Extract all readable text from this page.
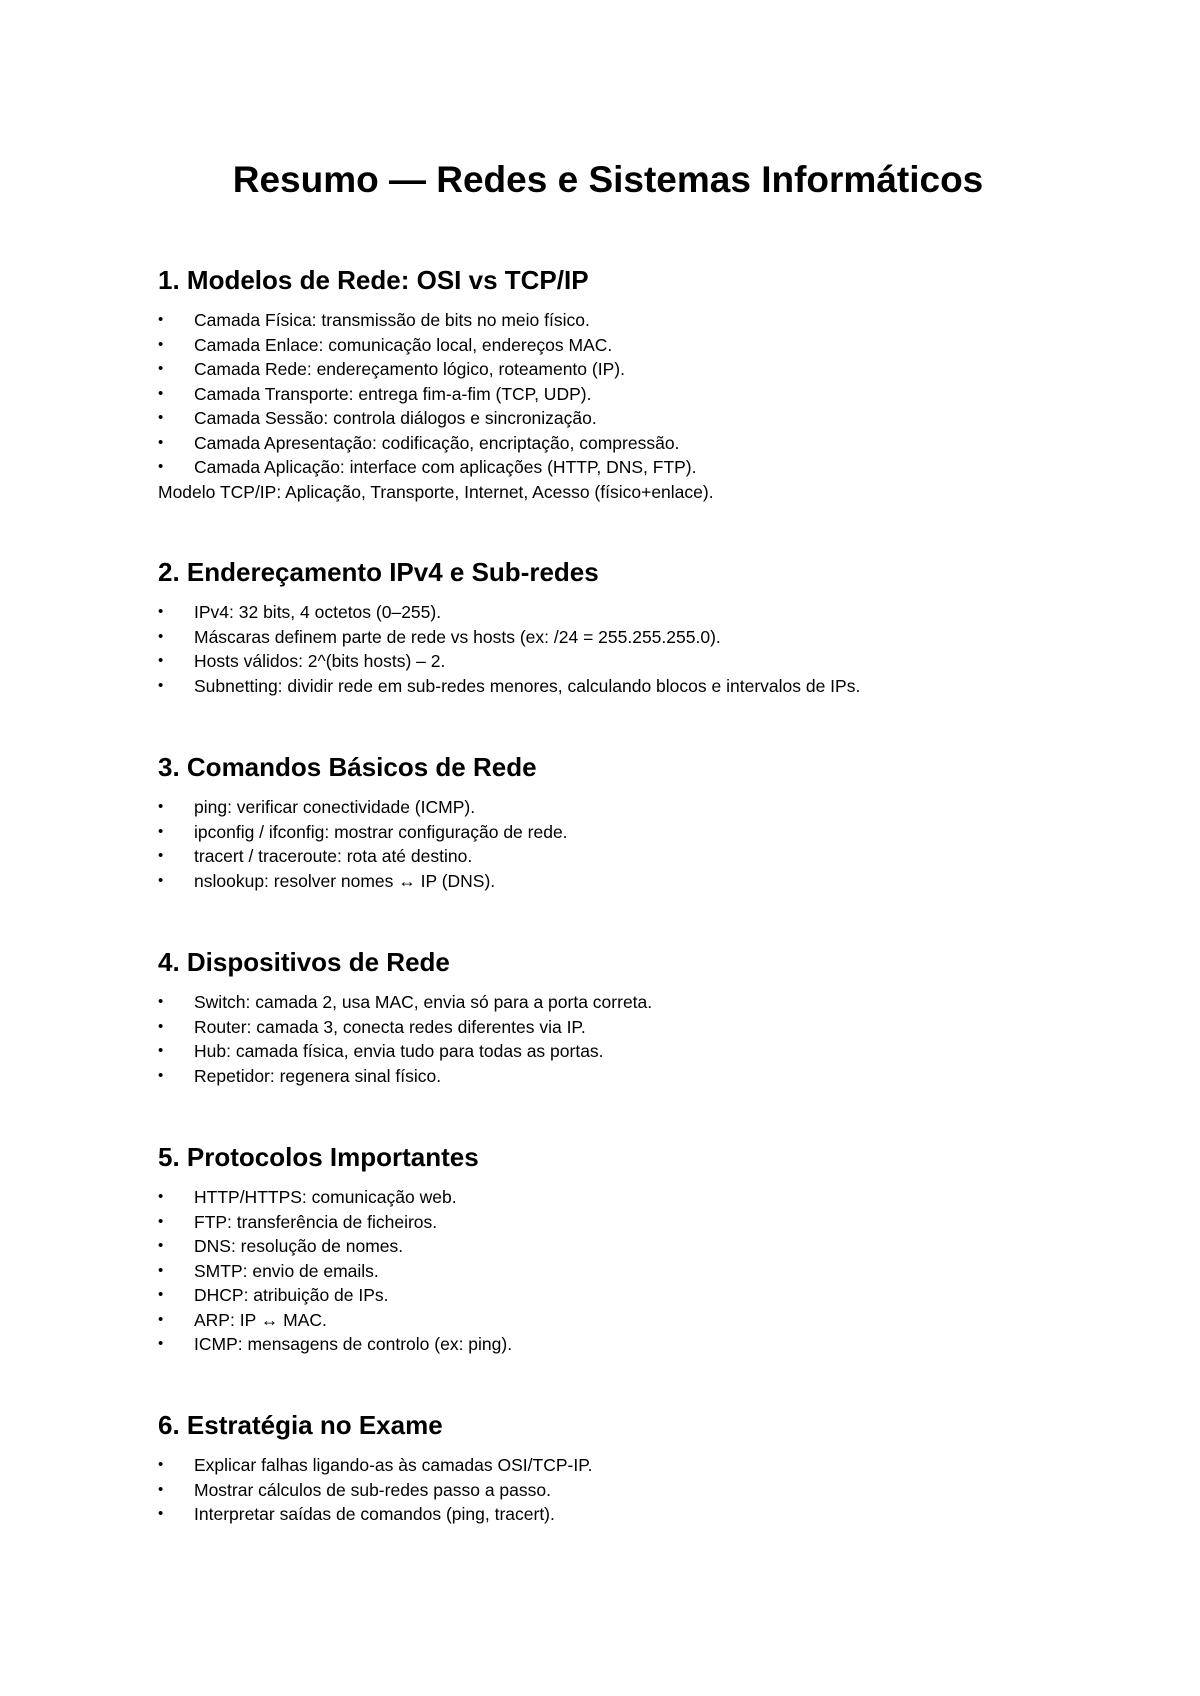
Resumo — Redes e Sistemas Informáticos
1. Modelos de Rede: OSI vs TCP/IP
• Camada Física: transmissão de bits no meio físico.
• Camada Enlace: comunicação local, endereços MAC.
• Camada Rede: endereçamento lógico, roteamento (IP).
• Camada Transporte: entrega fim-a-fim (TCP, UDP).
• Camada Sessão: controla diálogos e sincronização.
• Camada Apresentação: codificação, encriptação, compressão.
• Camada Aplicação: interface com aplicações (HTTP, DNS, FTP).

Modelo TCP/IP: Aplicação, Transporte, Internet, Acesso (físico+enlace).

2. Endereçamento IPv4 e Sub-redes
• IPv4: 32 bits, 4 octetos (0–255).
• Máscaras definem parte de rede vs hosts (ex: /24 = 255.255.255.0).
• Hosts válidos: 2^(bits hosts) – 2.
• Subnetting: dividir rede em sub-redes menores, calculando blocos e intervalos de IPs.
3. Comandos Básicos de Rede
• ping: verificar conectividade (ICMP).
• ipconfig / ifconfig: mostrar configuração de rede.
• tracert / traceroute: rota até destino.
• nslookup: resolver nomes ↔ IP (DNS).
4. Dispositivos de Rede
• Switch: camada 2, usa MAC, envia só para a porta correta.
• Router: camada 3, conecta redes diferentes via IP.
• Hub: camada física, envia tudo para todas as portas.
• Repetidor: regenera sinal físico.
5. Protocolos Importantes
• HTTP/HTTPS: comunicação web.
• FTP: transferência de ficheiros.
• DNS: resolução de nomes.
• SMTP: envio de emails.
• DHCP: atribuição de IPs.
• ARP: IP ↔ MAC.
• ICMP: mensagens de controlo (ex: ping).
6. Estratégia no Exame
• Explicar falhas ligando-as às camadas OSI/TCP-IP.
• Mostrar cálculos de sub-redes passo a passo.
• Interpretar saídas de comandos (ping, tracert).
